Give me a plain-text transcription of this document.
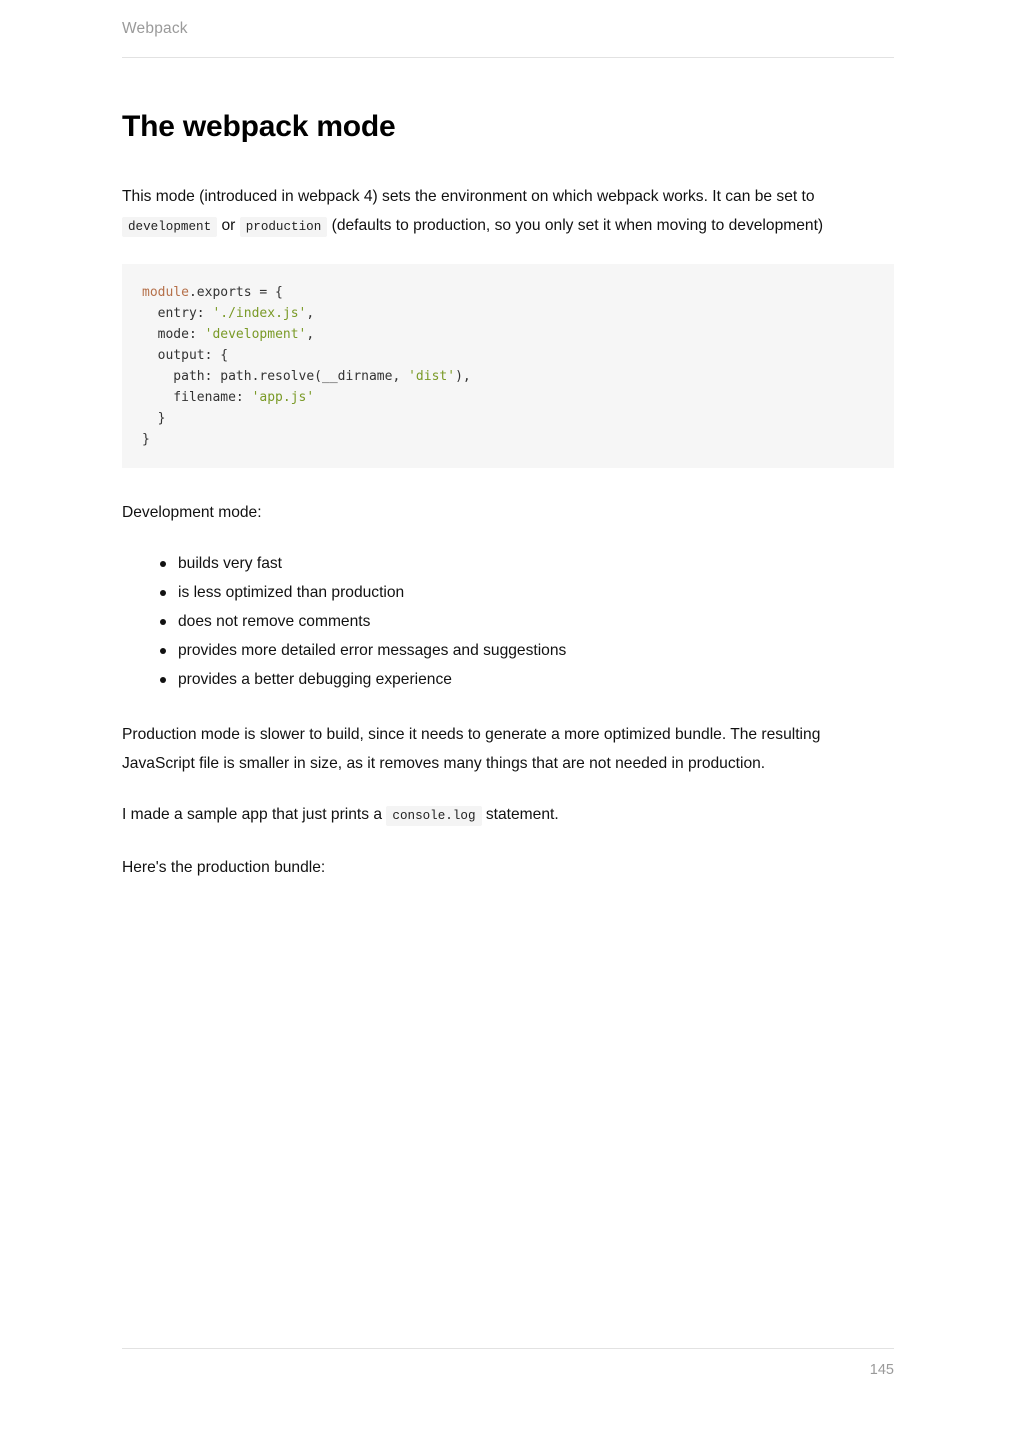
Webpack
The webpack mode

This mode (introduced in webpack 4) sets the environment on which webpack works. It can be set to development or production (defaults to production, so you only set it when moving to development)

module.exports = {
entry: './index.js',
mode: 'development',
output: {
path: path.resolve(__dirname, 'dist'),
filename: 'app.js'
}
}

Development mode:

builds very fast
is less optimized than production
does not remove comments
provides more detailed error messages and suggestions
provides a better debugging experience

Production mode is slower to build, since it needs to generate a more optimized bundle. The resulting JavaScript file is smaller in size, as it removes many things that are not needed in production.

I made a sample app that just prints a console.log statement.

Here's the production bundle:

145
